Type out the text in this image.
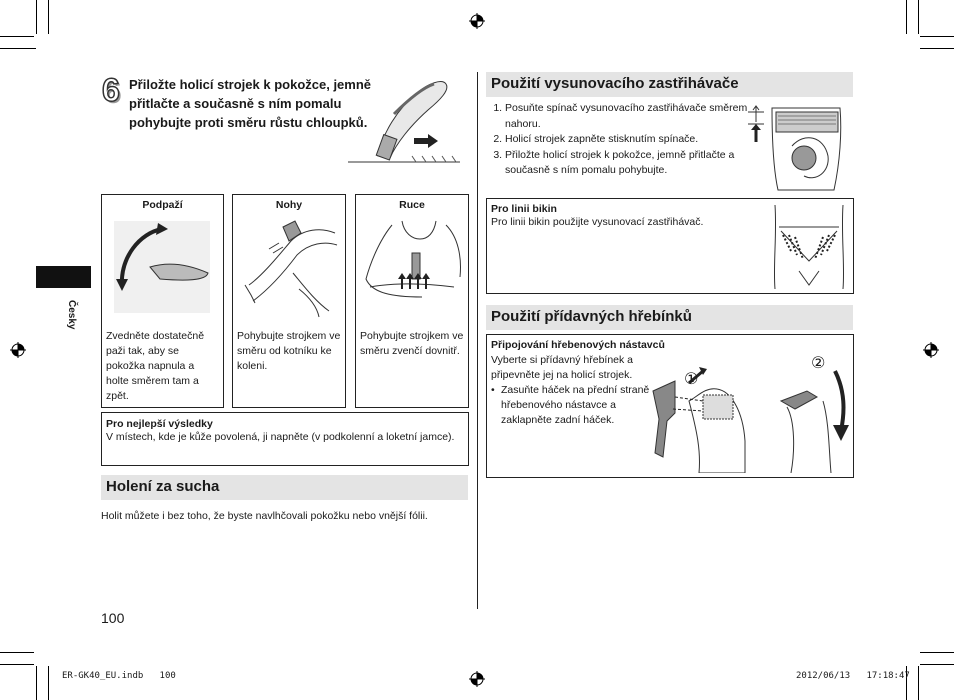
Česky
6 Přiložte holicí strojek k pokožce, jemně přitlačte a současně s ním pomalu pohybujte proti směru růstu chloupků.
Podpaží
Zvedněte dostatečně paži tak, aby se pokožka napnula a holte směrem tam a zpět.
Nohy
Pohybujte strojkem ve směru od kotníku ke koleni.
Ruce
Pohybujte strojkem ve směru zvenčí dovnitř.
Pro nejlepší výsledky
V místech, kde je kůže povolená, ji napněte (v podkolenní a loketní jamce).
Holení za sucha
Holit můžete i bez toho, že byste navlhčovali pokožku nebo vnější fólii.
100
Použití vysunovacího zastřihávače
1. Posuňte spínač vysunovacího zastřihávače směrem nahoru.
2. Holicí strojek zapněte stisknutím spínače.
3. Přiložte holicí strojek k pokožce, jemně přitlačte a současně s ním pomalu pohybujte.
Pro linii bikin
Pro linii bikin použijte vysunovací zastřihávač.
Použití přídavných hřebínků
Připojování hřebenových nástavců
Vyberte si přídavný hřebínek a připevněte jej na holicí strojek.
• Zasuňte háček na přední straně hřebenového nástavce a zaklapněte zadní háček.
①
②
ER-GK40_EU.indb   100	2012/06/13   17:18:47
